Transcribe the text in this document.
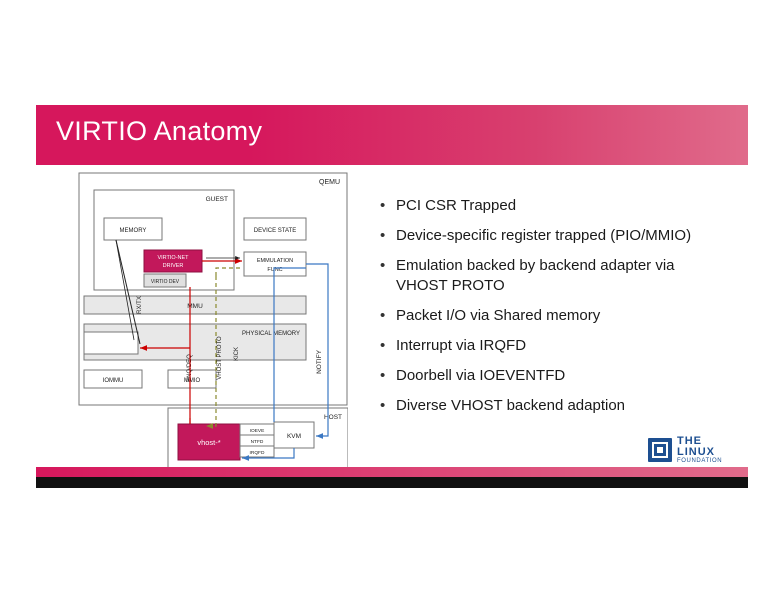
VIRTIO Anatomy
QEMU
GUEST
MEMORY	DEVICE STATE
VIRTIO-NET
DRIVER
VIRTIO DEV
EMMULATION
FUNC
MMU
PHYSICAL MEMORY
IOMMU	MMIO
HOST
vhost-*
KVM
IOEVE
NTFD
IRQFD
RX/TX
VHOST PROTO KICK	NOTIFY
ENQ/DEQ
• PCI CSR Trapped
• Device-specific register trapped (PIO/MMIO)
• Emulation backed by backend adapter via VHOST PROTO
• Packet I/O via Shared memory
• Interrupt via IRQFD
• Doorbell via IOEVENTFD
• Diverse VHOST backend adaption
THE LINUX
FOUNDATION
